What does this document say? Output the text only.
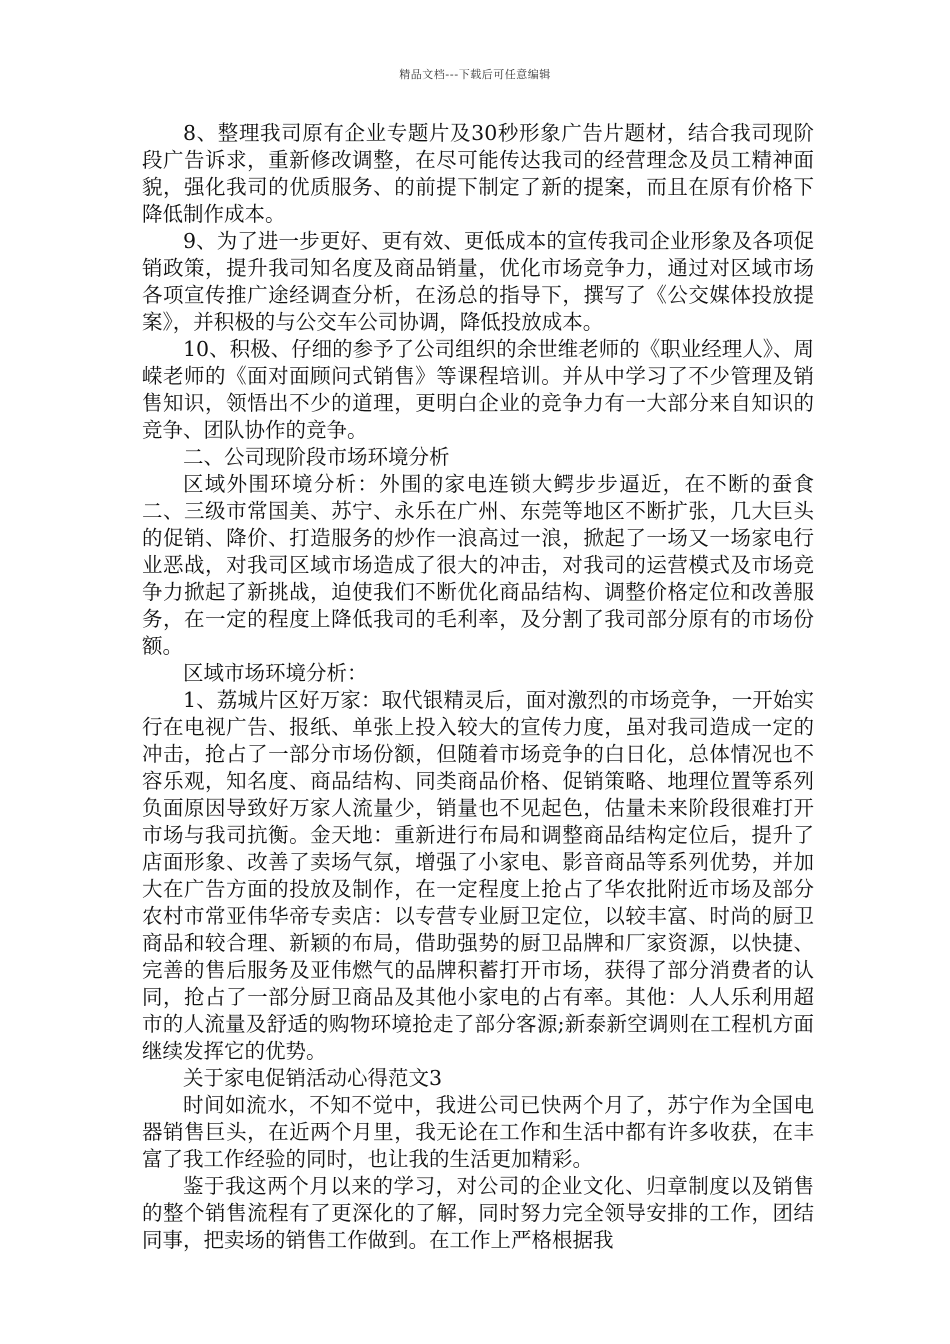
精品文档---下载后可任意编辑

8、整理我司原有企业专题片及30秒形象广告片题材，结合我司现阶段广告诉求，重新修改调整，在尽可能传达我司的经营理念及员工精神面貌，强化我司的优质服务、的前提下制定了新的提案，而且在原有价格下降低制作成本。

9、为了进一步更好、更有效、更低成本的宣传我司企业形象及各项促销政策，提升我司知名度及商品销量，优化市场竞争力，通过对区域市场各项宣传推广途经调查分析，在汤总的指导下，撰写了《公交媒体投放提案》，并积极的与公交车公司协调，降低投放成本。

10、积极、仔细的参予了公司组织的余世维老师的《职业经理人》、周嵘老师的《面对面顾问式销售》等课程培训。并从中学习了不少管理及销售知识，领悟出不少的道理，更明白企业的竞争力有一大部分来自知识的竞争、团队协作的竞争。

二、公司现阶段市场环境分析

区域外围环境分析：外围的家电连锁大鳄步步逼近，在不断的蚕食二、三级市常国美、苏宁、永乐在广州、东莞等地区不断扩张，几大巨头的促销、降价、打造服务的炒作一浪高过一浪，掀起了一场又一场家电行业恶战，对我司区域市场造成了很大的冲击，对我司的运营模式及市场竞争力掀起了新挑战，迫使我们不断优化商品结构、调整价格定位和改善服务，在一定的程度上降低我司的毛利率，及分割了我司部分原有的市场份额。

区域市场环境分析：

1、荔城片区好万家：取代银精灵后，面对激烈的市场竞争，一开始实行在电视广告、报纸、单张上投入较大的宣传力度，虽对我司造成一定的冲击，抢占了一部分市场份额，但随着市场竞争的白日化，总体情况也不容乐观，知名度、商品结构、同类商品价格、促销策略、地理位置等系列负面原因导致好万家人流量少，销量也不见起色，估量未来阶段很难打开市场与我司抗衡。金天地：重新进行布局和调整商品结构定位后，提升了店面形象、改善了卖场气氛，增强了小家电、影音商品等系列优势，并加大在广告方面的投放及制作，在一定程度上抢占了华农批附近市场及部分农村市常亚伟华帝专卖店：以专营专业厨卫定位，以较丰富、时尚的厨卫商品和较合理、新颖的布局，借助强势的厨卫品牌和厂家资源，以快捷、完善的售后服务及亚伟燃气的品牌积蓄打开市场，获得了部分消费者的认同，抢占了一部分厨卫商品及其他小家电的占有率。其他：人人乐利用超市的人流量及舒适的购物环境抢走了部分客源;新泰新空调则在工程机方面继续发挥它的优势。

关于家电促销活动心得范文3

时间如流水，不知不觉中，我进公司已快两个月了，苏宁作为全国电器销售巨头，在近两个月里，我无论在工作和生活中都有许多收获，在丰富了我工作经验的同时，也让我的生活更加精彩。

鉴于我这两个月以来的学习，对公司的企业文化、归章制度以及销售的整个销售流程有了更深化的了解，同时努力完全领导安排的工作，团结同事，把卖场的销售工作做到。在工作上严格根据我
